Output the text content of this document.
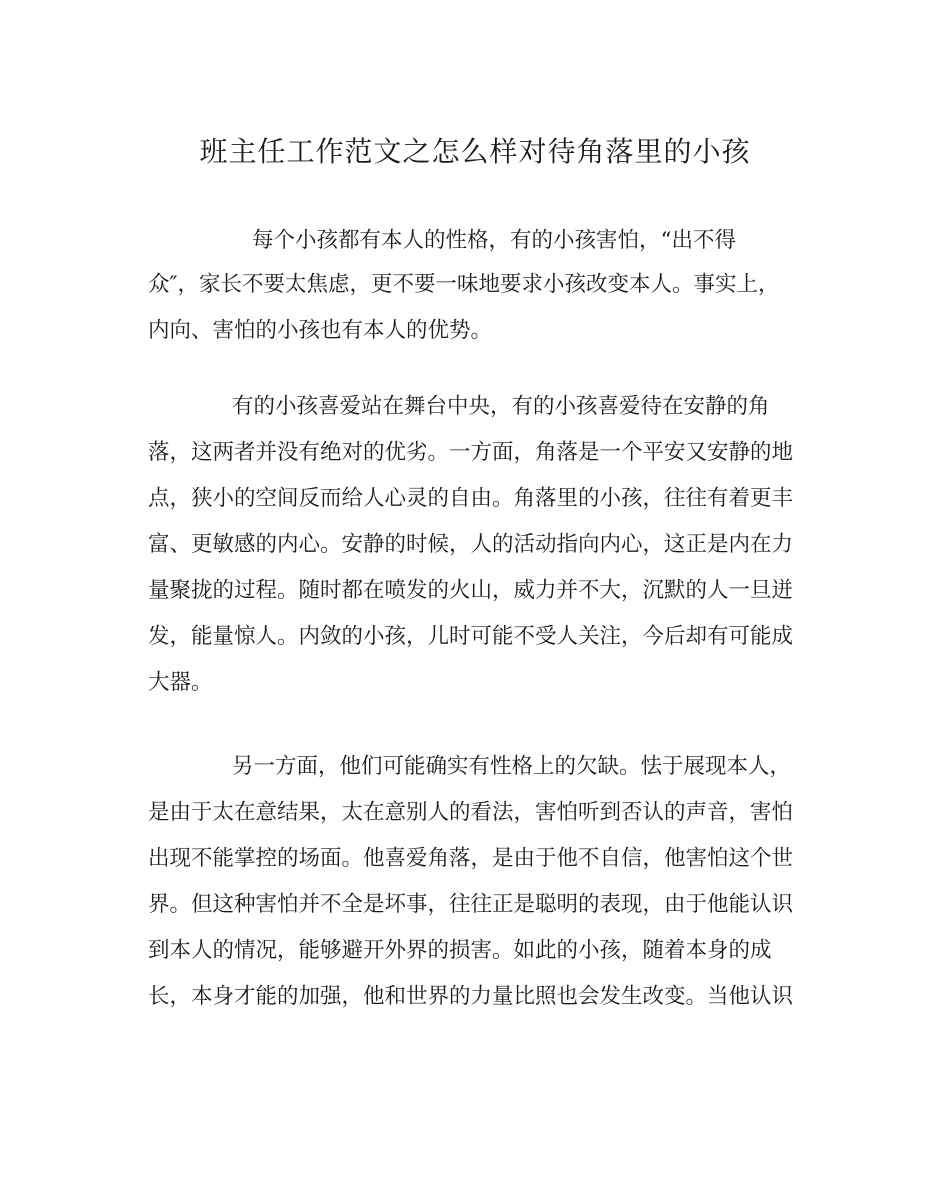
班主任工作范文之怎么样对待角落里的小孩

每个小孩都有本人的性格，有的小孩害怕，“出不得

众″，家长不要太焦虑，更不要一味地要求小孩改变本人。事实上，

内向、害怕的小孩也有本人的优势。

有的小孩喜爱站在舞台中央，有的小孩喜爱待在安静的角

落，这两者并没有绝对的优劣。一方面，角落是一个平安又安静的地

点，狭小的空间反而给人心灵的自由。角落里的小孩，往往有着更丰

富、更敏感的内心。安静的时候，人的活动指向内心，这正是内在力

量聚拢的过程。随时都在喷发的火山，威力并不大，沉默的人一旦迸

发，能量惊人。内敛的小孩，儿时可能不受人关注，今后却有可能成

大器。

另一方面，他们可能确实有性格上的欠缺。怯于展现本人，

是由于太在意结果，太在意别人的看法，害怕听到否认的声音，害怕

出现不能掌控的场面。他喜爱角落，是由于他不自信，他害怕这个世

界。但这种害怕并不全是坏事，往往正是聪明的表现，由于他能认识

到本人的情况，能够避开外界的损害。如此的小孩，随着本身的成

长，本身才能的加强，他和世界的力量比照也会发生改变。当他认识
